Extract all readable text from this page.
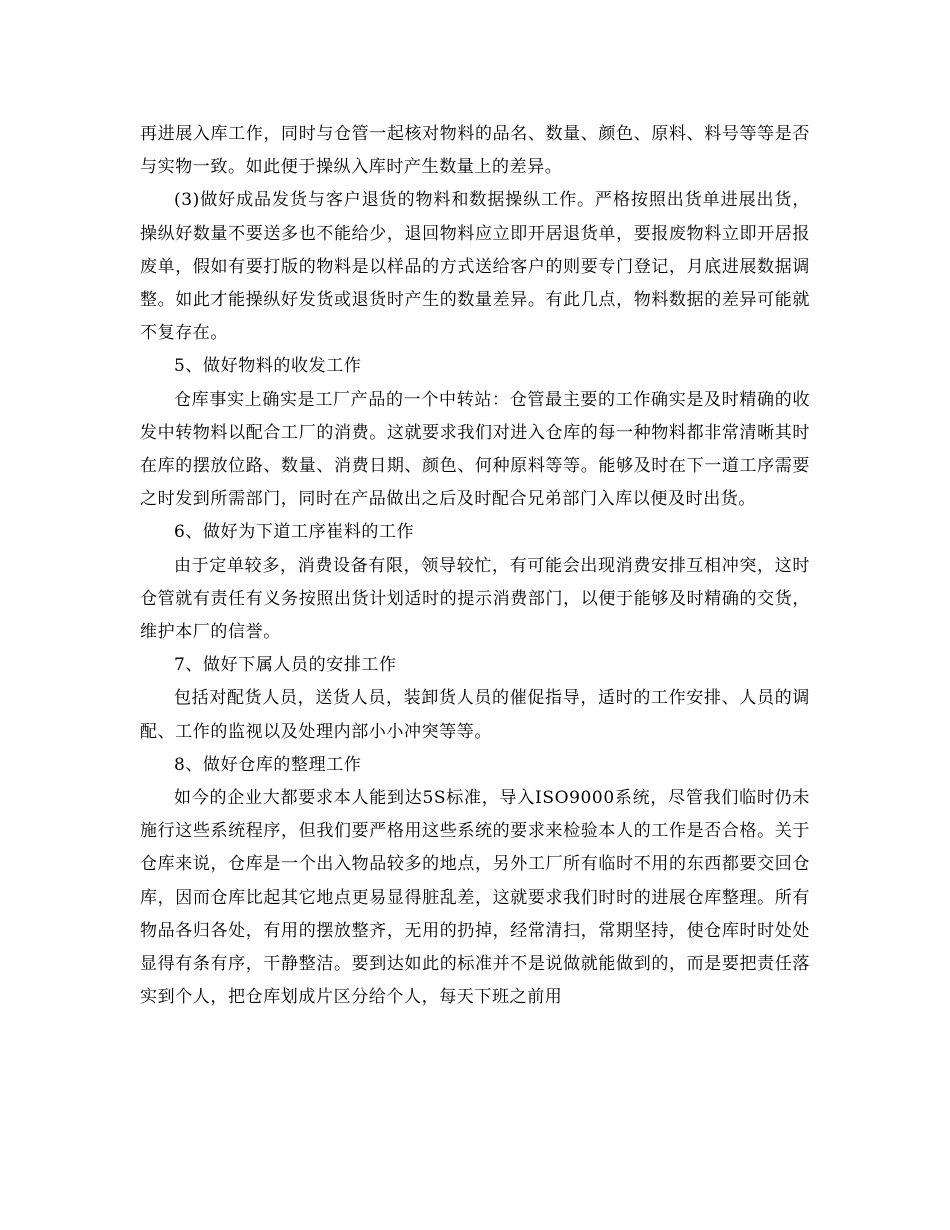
再进展入库工作，同时与仓管一起核对物料的品名、数量、颜色、原料、料号等等是否与实物一致。如此便于操纵入库时产生数量上的差异。

(3)做好成品发货与客户退货的物料和数据操纵工作。严格按照出货单进展出货，操纵好数量不要送多也不能给少，退回物料应立即开居退货单，要报废物料立即开居报废单，假如有要打版的物料是以样品的方式送给客户的则要专门登记，月底进展数据调整。如此才能操纵好发货或退货时产生的数量差异。有此几点，物料数据的差异可能就不复存在。

5、做好物料的收发工作

仓库事实上确实是工厂产品的一个中转站：仓管最主要的工作确实是及时精确的收发中转物料以配合工厂的消费。这就要求我们对进入仓库的每一种物料都非常清晰其时在库的摆放位路、数量、消费日期、颜色、何种原料等等。能够及时在下一道工序需要之时发到所需部门，同时在产品做出之后及时配合兄弟部门入库以便及时出货。

6、做好为下道工序崔料的工作

由于定单较多，消费设备有限，领导较忙，有可能会出现消费安排互相冲突，这时仓管就有责任有义务按照出货计划适时的提示消费部门，以便于能够及时精确的交货，维护本厂的信誉。

7、做好下属人员的安排工作

包括对配货人员，送货人员，装卸货人员的催促指导，适时的工作安排、人员的调配、工作的监视以及处理内部小小冲突等等。

8、做好仓库的整理工作

如今的企业大都要求本人能到达5S标准，导入ISO9000系统，尽管我们临时仍未施行这些系统程序，但我们要严格用这些系统的要求来检验本人的工作是否合格。关于仓库来说，仓库是一个出入物品较多的地点，另外工厂所有临时不用的东西都要交回仓库，因而仓库比起其它地点更易显得脏乱差，这就要求我们时时的进展仓库整理。所有物品各归各处，有用的摆放整齐，无用的扔掉，经常清扫，常期坚持，使仓库时时处处显得有条有序，干静整洁。要到达如此的标准并不是说做就能做到的，而是要把责任落实到个人，把仓库划成片区分给个人，每天下班之前用
